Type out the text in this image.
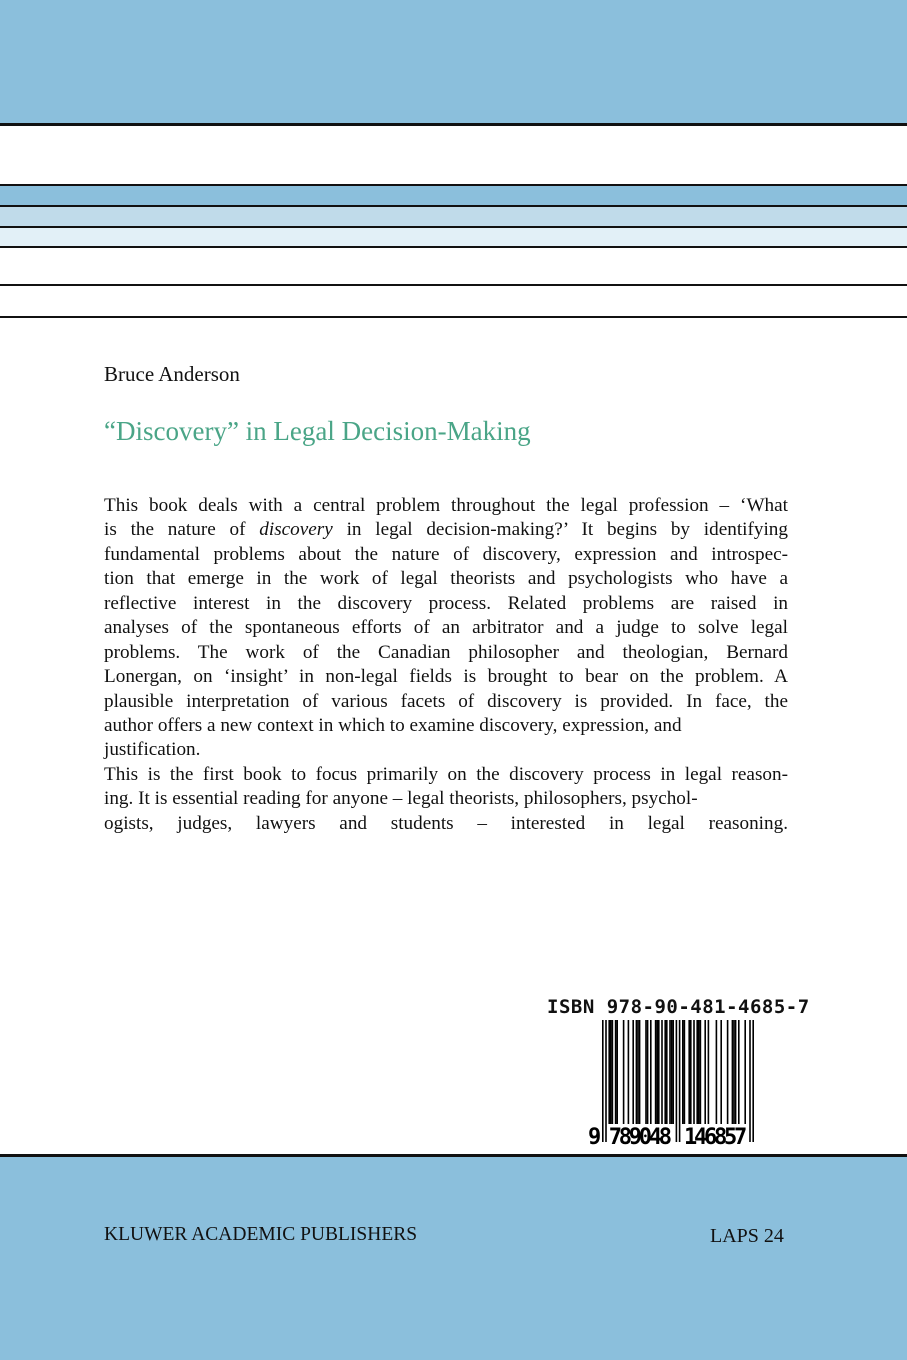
Bruce Anderson
“Discovery” in Legal Decision-Making
This book deals with a central problem throughout the legal profession – ‘What
is the nature of discovery in legal decision-making?’ It begins by identifying
fundamental problems about the nature of discovery, expression and introspec-
tion that emerge in the work of legal theorists and psychologists who have a
reflective interest in the discovery process. Related problems are raised in
analyses of the spontaneous efforts of an arbitrator and a judge to solve legal
problems. The work of the Canadian philosopher and theologian, Bernard
Lonergan, on ‘insight’ in non-legal fields is brought to bear on the problem. A
plausible interpretation of various facets of discovery is provided. In face, the
author offers a new context in which to examine discovery, expression, and
justification.
This is the first book to focus primarily on the discovery process in legal reason-
ing. It is essential reading for anyone – legal theorists, philosophers, psychol-
ogists, judges, lawyers and students – interested in legal reasoning.
ISBN 978-90-481-4685-7
9 789048 146857
KLUWER ACADEMIC PUBLISHERS	LAPS 24
